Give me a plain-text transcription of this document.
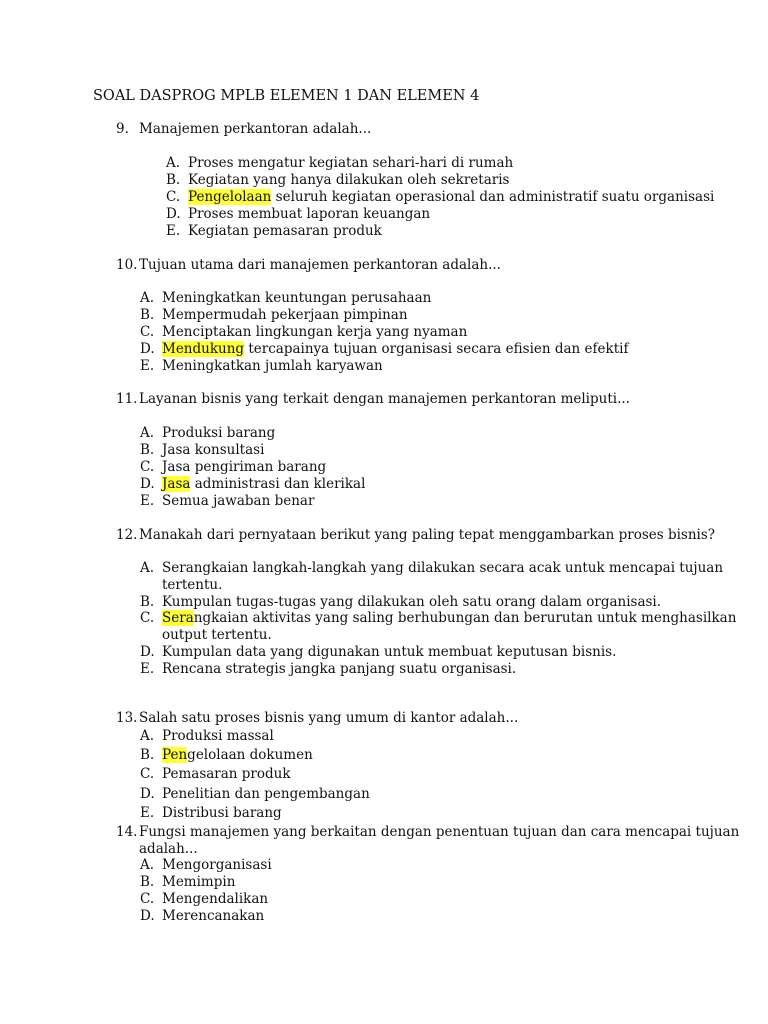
SOAL DASPROG MPLB ELEMEN 1 DAN ELEMEN 4
9. Manajemen perkantoran adalah...
A. Proses mengatur kegiatan sehari-hari di rumah
B. Kegiatan yang hanya dilakukan oleh sekretaris
C. Pengelolaan seluruh kegiatan operasional dan administratif suatu organisasi
D. Proses membuat laporan keuangan
E. Kegiatan pemasaran produk
10. Tujuan utama dari manajemen perkantoran adalah...
A. Meningkatkan keuntungan perusahaan
B. Mempermudah pekerjaan pimpinan
C. Menciptakan lingkungan kerja yang nyaman
D. Mendukung tercapainya tujuan organisasi secara efisien dan efektif
E. Meningkatkan jumlah karyawan
11. Layanan bisnis yang terkait dengan manajemen perkantoran meliputi...
A. Produksi barang
B. Jasa konsultasi
C. Jasa pengiriman barang
D. Jasa administrasi dan klerikal
E. Semua jawaban benar
12. Manakah dari pernyataan berikut yang paling tepat menggambarkan proses bisnis?
A. Serangkaian langkah-langkah yang dilakukan secara acak untuk mencapai tujuan
tertentu.
B. Kumpulan tugas-tugas yang dilakukan oleh satu orang dalam organisasi.
C. Serangkaian aktivitas yang saling berhubungan dan berurutan untuk menghasilkan
output tertentu.
D. Kumpulan data yang digunakan untuk membuat keputusan bisnis.
E. Rencana strategis jangka panjang suatu organisasi.
13. Salah satu proses bisnis yang umum di kantor adalah...
A. Produksi massal
B. Pengelolaan dokumen
C. Pemasaran produk
D. Penelitian dan pengembangan
E. Distribusi barang
14. Fungsi manajemen yang berkaitan dengan penentuan tujuan dan cara mencapai tujuan
adalah...
A. Mengorganisasi
B. Memimpin
C. Mengendalikan
D. Merencanakan
